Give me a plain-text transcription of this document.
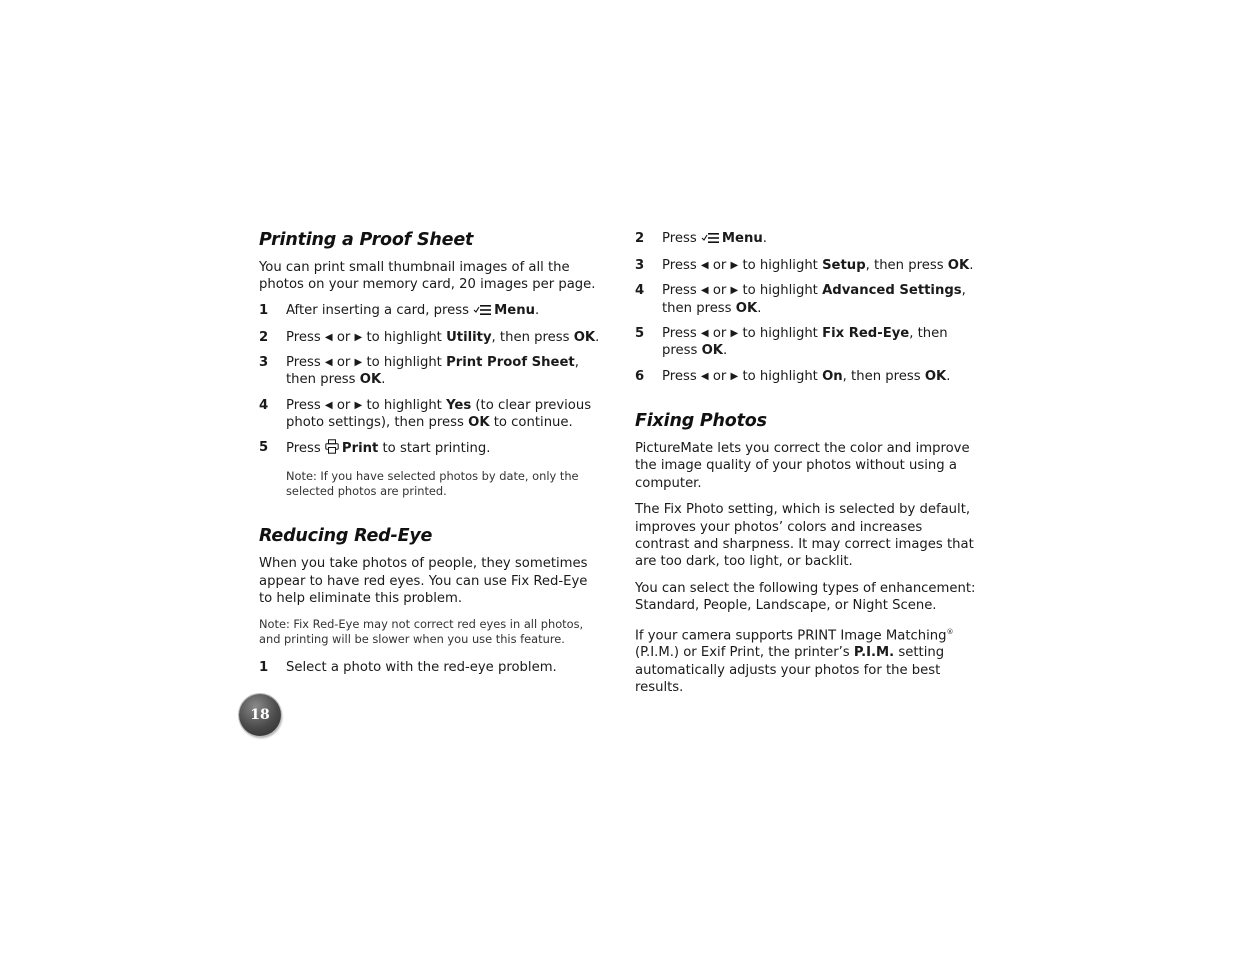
Printing a Proof Sheet

You can print small thumbnail images of all the photos on your memory card, 20 images per page.

1 After inserting a card, press Menu.
2 Press ◀ or ▶ to highlight Utility, then press OK.
3 Press ◀ or ▶ to highlight Print Proof Sheet, then press OK.
4 Press ◀ or ▶ to highlight Yes (to clear previous photo settings), then press OK to continue.
5 Press Print to start printing.

Note: If you have selected photos by date, only the selected photos are printed.

Reducing Red-Eye

When you take photos of people, they sometimes appear to have red eyes. You can use Fix Red-Eye to help eliminate this problem.

Note: Fix Red-Eye may not correct red eyes in all photos, and printing will be slower when you use this feature.

1 Select a photo with the red-eye problem.
2 Press Menu.
3 Press ◀ or ▶ to highlight Setup, then press OK.
4 Press ◀ or ▶ to highlight Advanced Settings, then press OK.
5 Press ◀ or ▶ to highlight Fix Red-Eye, then press OK.
6 Press ◀ or ▶ to highlight On, then press OK.
Fixing Photos

PictureMate lets you correct the color and improve the image quality of your photos without using a computer.

The Fix Photo setting, which is selected by default, improves your photos’ colors and increases contrast and sharpness. It may correct images that are too dark, too light, or backlit.

You can select the following types of enhancement: Standard, People, Landscape, or Night Scene.

If your camera supports PRINT Image Matching® (P.I.M.) or Exif Print, the printer’s P.I.M. setting automatically adjusts your photos for the best results.

18
